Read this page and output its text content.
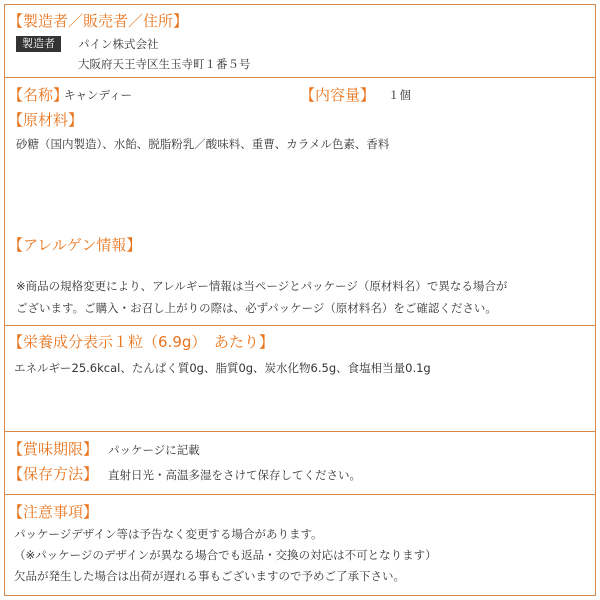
【製造者／販売者／住所】
製造者	パイン株式会社
大阪府天王寺区生玉寺町１番５号
【名称】
キャンディー	【内容量】 １個
【原材料】
砂糖（国内製造）、水飴、脱脂粉乳／酸味料、重曹、カラメル色素、香料
【アレルゲン情報】
※商品の規格変更により、アレルギー情報は当ページとパッケージ（原材料名）で異なる場合が
ございます。ご購入・お召し上がりの際は、必ずパッケージ（原材料名）をご確認ください。
【栄養成分表示１粒（6.9g）　あたり】
エネルギー25.6kcal、たんぱく質0g、脂質0g、炭水化物6.5g、食塩相当量0.1g
【賞味期限】 パッケージに記載
【保存方法】 直射日光・高温多湿をさけて保存してください。
【注意事項】
パッケージデザイン等は予告なく変更する場合があります。
（※パッケージのデザインが異なる場合でも返品・交換の対応は不可となります）
欠品が発生した場合は出荷が遅れる事もございますので予めご了承下さい。
